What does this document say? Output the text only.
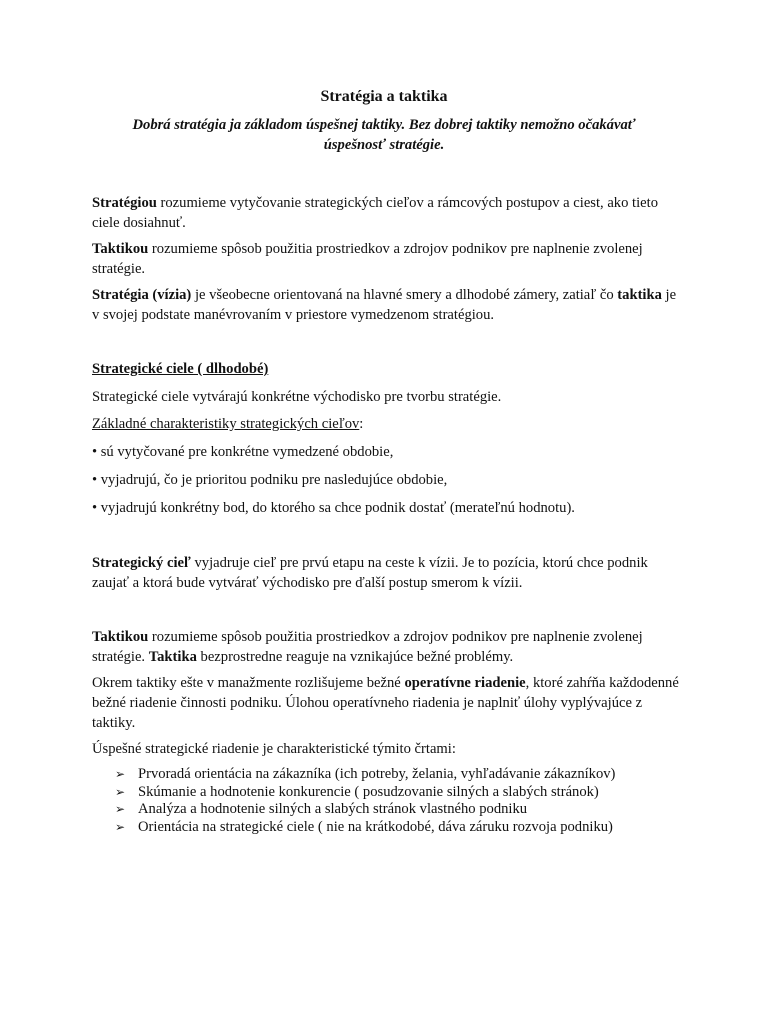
Stratégia a taktika
Dobrá stratégia ja základom úspešnej taktiky. Bez dobrej taktiky nemožno očakávať úspešnosť stratégie.

Stratégiou rozumieme vytyčovanie strategických cieľov a rámcových postupov a ciest, ako tieto ciele dosiahnuť.

Taktikou rozumieme spôsob použitia prostriedkov a zdrojov podnikov pre naplnenie zvolenej stratégie.

Stratégia (vízia) je všeobecne orientovaná na hlavné smery a dlhodobé zámery, zatiaľ čo taktika je v svojej podstate manévrovaním v priestore vymedzenom stratégiou.

Strategické ciele ( dlhodobé)

Strategické ciele vytvárajú konkrétne východisko pre tvorbu stratégie.

Základné charakteristiky strategických cieľov:

• sú vytyčované pre konkrétne vymedzené obdobie,
• vyjadrujú, čo je prioritou podniku pre nasledujúce obdobie,
• vyjadrujú konkrétny bod, do ktorého sa chce podnik dostať (merateľnú hodnotu).

Strategický cieľ vyjadruje cieľ pre prvú etapu na ceste k vízii. Je to pozícia, ktorú chce podnik zaujať a ktorá bude vytvárať východisko pre ďalší postup smerom k vízii.

Taktikou rozumieme spôsob použitia prostriedkov a zdrojov podnikov pre naplnenie zvolenej stratégie. Taktika bezprostredne reaguje na vznikajúce bežné problémy.

Okrem taktiky ešte v manažmente rozlišujeme bežné operatívne riadenie, ktoré zahŕňa každodenné bežné riadenie činnosti podniku. Úlohou operatívneho riadenia je naplniť úlohy vyplývajúce z taktiky.

Úspešné strategické riadenie je charakteristické týmito črtami:

➢ Prvoradá orientácia na zákazníka (ich potreby, želania, vyhľadávanie zákazníkov)
➢ Skúmanie a hodnotenie konkurencie ( posudzovanie silných a slabých stránok)
➢ Analýza a hodnotenie silných a slabých stránok vlastného podniku
➢ Orientácia na strategické ciele ( nie na krátkodobé, dáva záruku rozvoja podniku)
